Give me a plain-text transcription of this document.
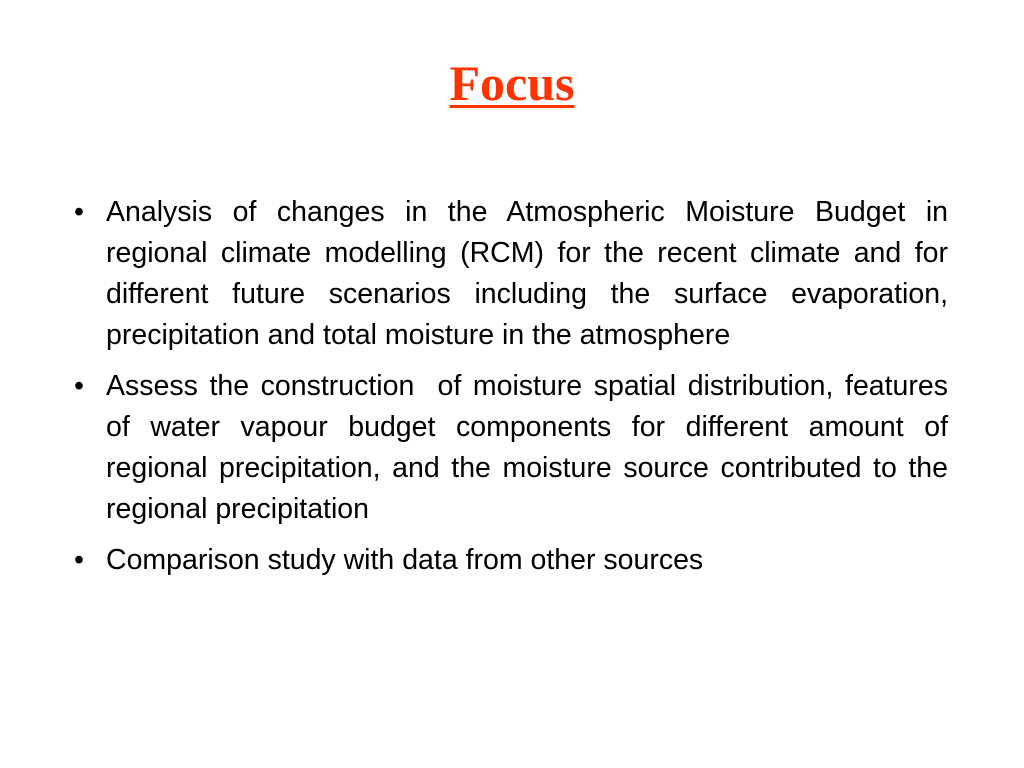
Focus
• Analysis of changes in the Atmospheric Moisture Budget in regional climate modelling (RCM) for the recent climate and for different future scenarios including the surface evaporation, precipitation and total moisture in the atmosphere
• Assess the construction  of moisture spatial distribution, features of water vapour budget components for different amount of regional precipitation, and the moisture source contributed to the regional precipitation
• Comparison study with data from other sources
